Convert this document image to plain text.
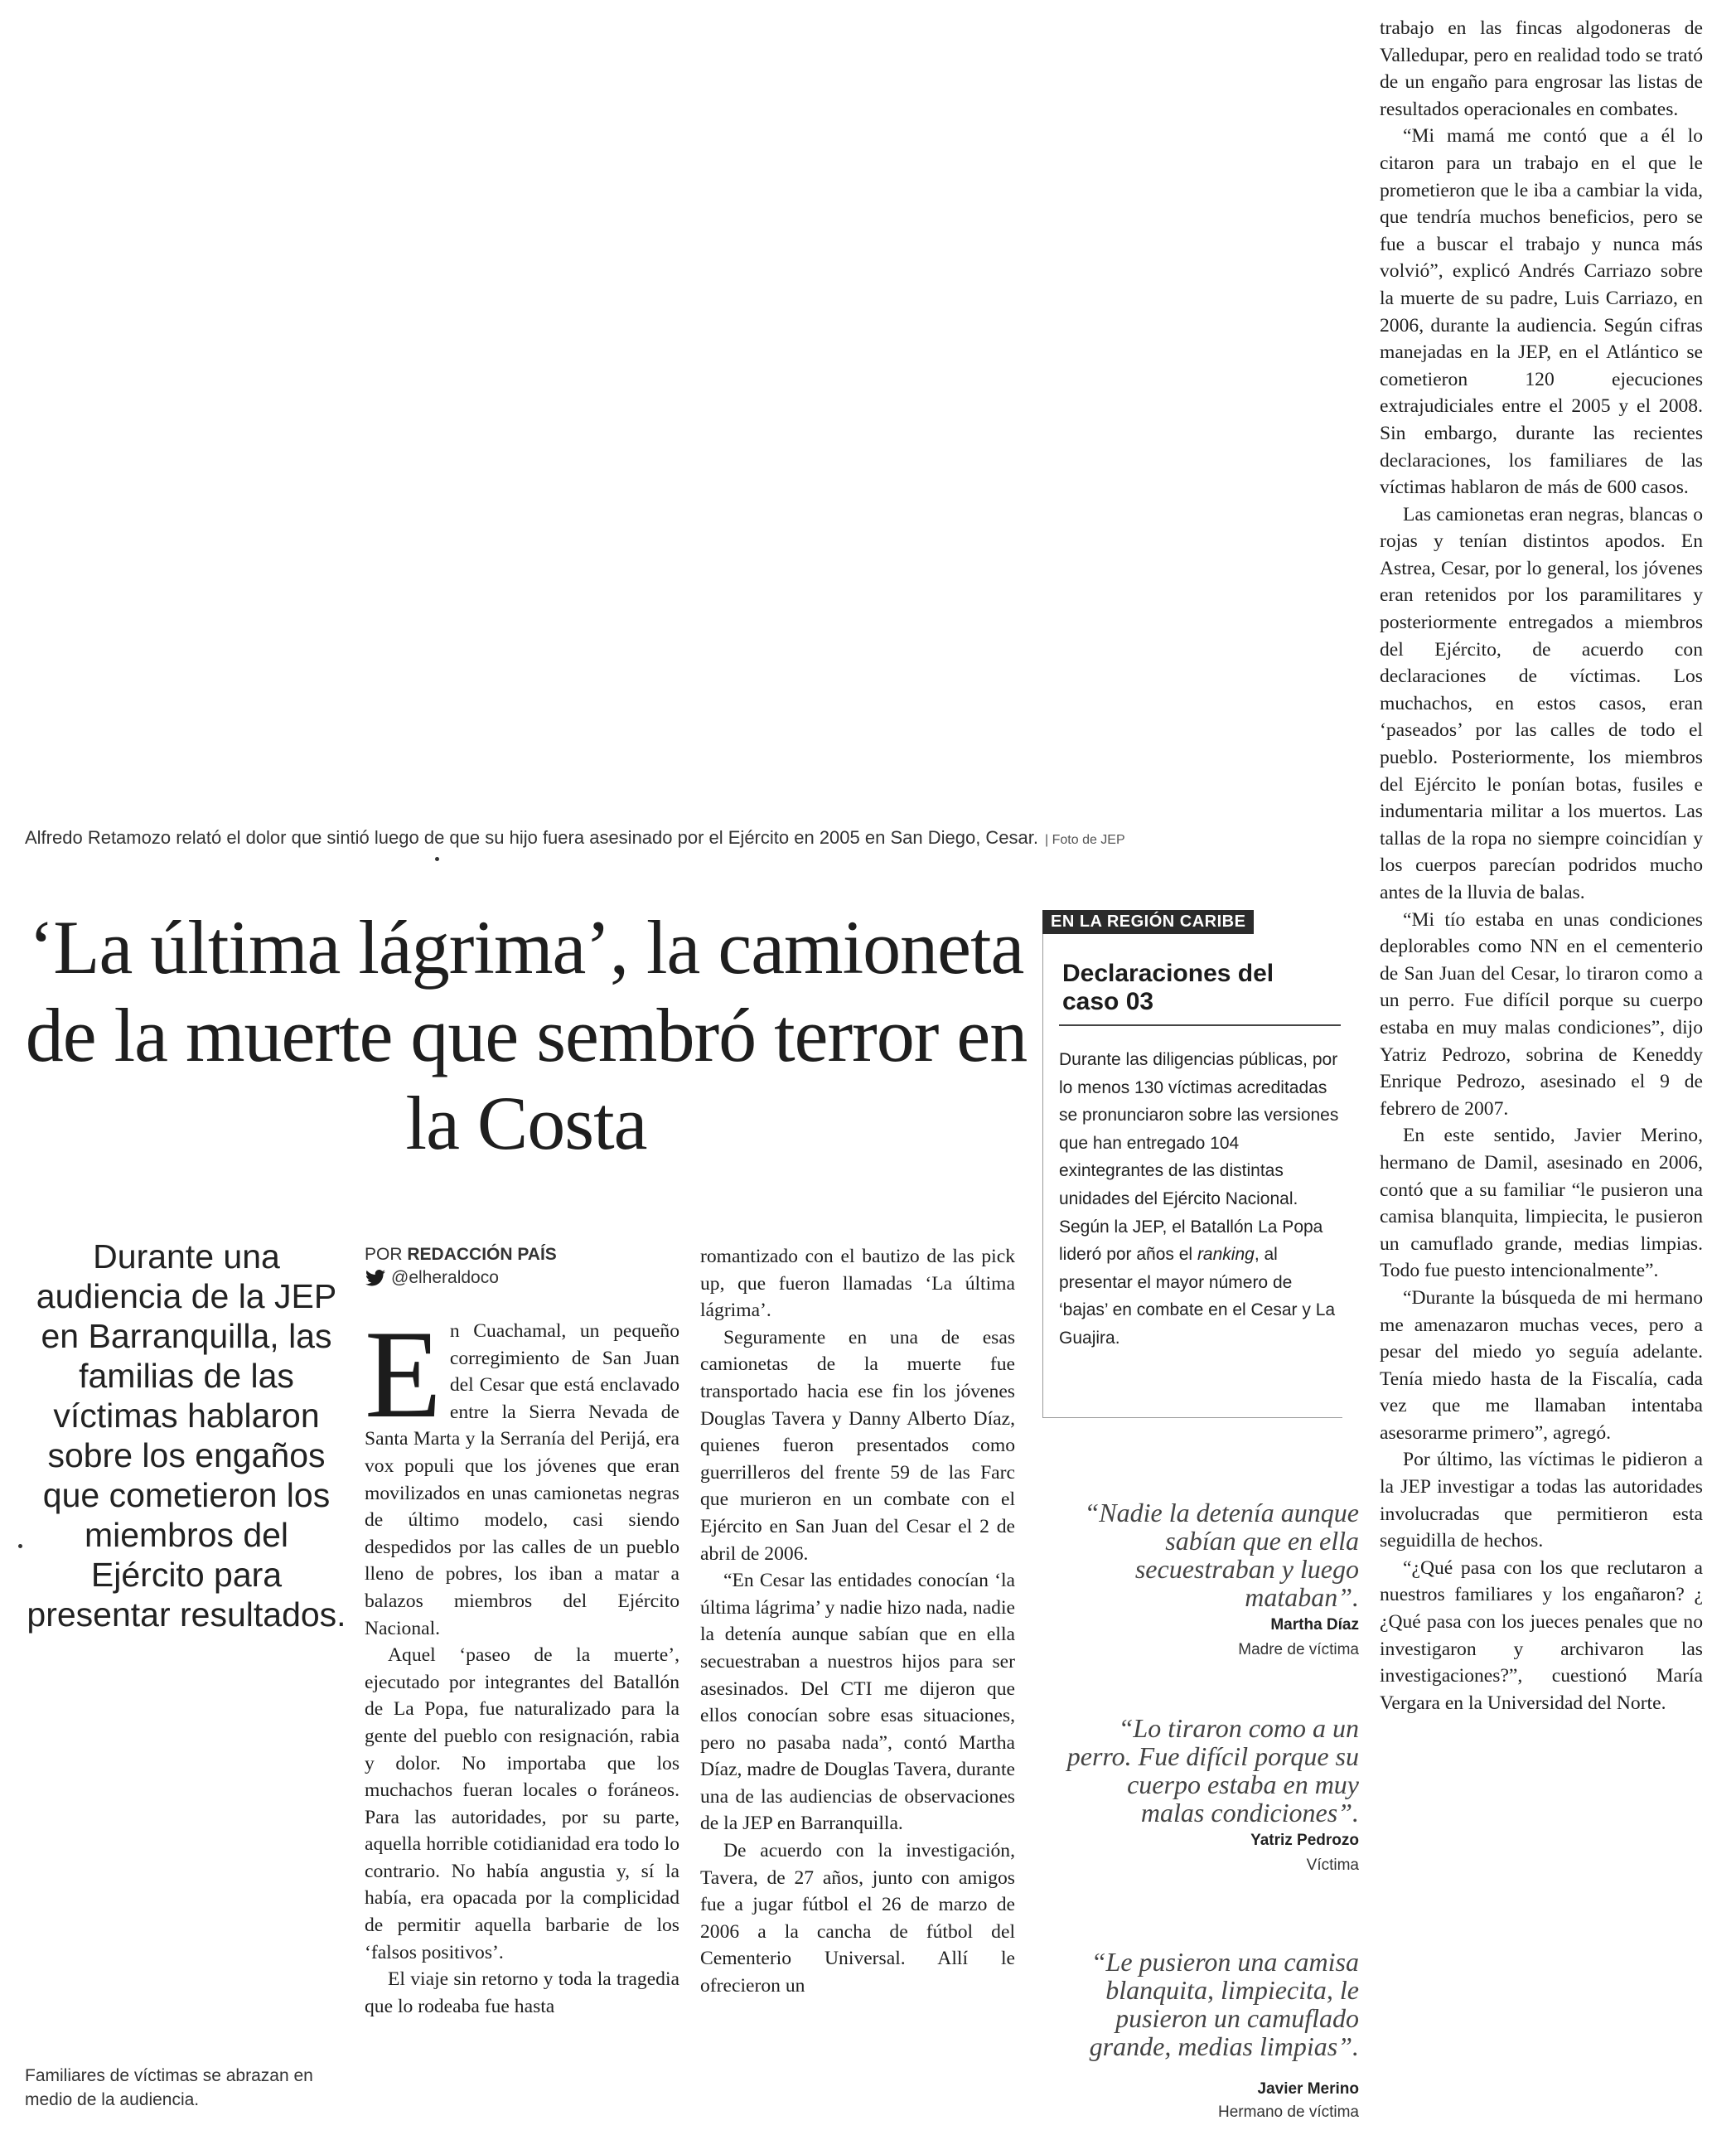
Alfredo Retamozo relató el dolor que sintió luego de que su hijo fuera asesinado por el Ejército en 2005 en San Diego, Cesar. | Foto de JEP
‘La última lágrima’, la camioneta de la muerte que sembró terror en la Costa
Durante una audiencia de la JEP en Barranquilla, las familias de las víctimas hablaron sobre los engaños que cometieron los miembros del Ejército para presentar resultados.
POR REDACCIÓN PAÍS
@elheraldoco

En Cuachamal, un pequeño corregimiento de San Juan del Cesar que está enclavado entre la Sierra Nevada de Santa Marta y la Serranía del Perijá, era vox populi que los jóvenes que eran movilizados en unas camionetas negras de último modelo, casi siendo despedidos por las calles de un pueblo lleno de pobres, los iban a matar a balazos miembros del Ejército Nacional.

Aquel ‘paseo de la muerte’, ejecutado por integrantes del Batallón de La Popa, fue naturalizado para la gente del pueblo con resignación, rabia y dolor. No importaba que los muchachos fueran locales o foráneos. Para las autoridades, por su parte, aquella horrible cotidianidad era todo lo contrario. No había angustia y, sí la había, era opacada por la complicidad de permitir aquella barbarie de los ‘falsos positivos’.

El viaje sin retorno y toda la tragedia que lo rodeaba fue hasta

romantizado con el bautizo de las pick up, que fueron llamadas ‘La última lágrima’.

Seguramente en una de esas camionetas de la muerte fue transportado hacia ese fin los jóvenes Douglas Tavera y Danny Alberto Díaz, quienes fueron presentados como guerrilleros del frente 59 de las Farc que murieron en un combate con el Ejército en San Juan del Cesar el 2 de abril de 2006.

“En Cesar las entidades conocían ‘la última lágrima’ y nadie hizo nada, nadie la detenía aunque sabían que en ella secuestraban a nuestros hijos para ser asesinados. Del CTI me dijeron que ellos conocían sobre esas situaciones, pero no pasaba nada”, contó Martha Díaz, madre de Douglas Tavera, durante una de las audiencias de observaciones de la JEP en Barranquilla.

De acuerdo con la investigación, Tavera, de 27 años, junto con amigos fue a jugar fútbol el 26 de marzo de 2006 a la cancha de fútbol del Cementerio Universal. Allí le ofrecieron un

EN LA REGIÓN CARIBE
Declaraciones del caso 03
Durante las diligencias públicas, por lo menos 130 víctimas acreditadas se pronunciaron sobre las versiones que han entregado 104 exintegrantes de las distintas unidades del Ejército Nacional. Según la JEP, el Batallón La Popa lideró por años el ranking, al presentar el mayor número de ‘bajas’ en combate en el Cesar y La Guajira.
“Nadie la detenía aunque sabían que en ella secuestraban y luego mataban”.
Martha Díaz
Madre de víctima
“Lo tiraron como a un perro. Fue difícil porque su cuerpo estaba en muy malas condiciones”.
Yatriz Pedrozo
Víctima
“Le pusieron una camisa blanquita, limpiecita, le pusieron un camuflado grande, medias limpias”.
Javier Merino
Hermano de víctima

trabajo en las fincas algodoneras de Valledupar, pero en realidad todo se trató de un engaño para engrosar las listas de resultados operacionales en combates.

“Mi mamá me contó que a él lo citaron para un trabajo en el que le prometieron que le iba a cambiar la vida, que tendría muchos beneficios, pero se fue a buscar el trabajo y nunca más volvió”, explicó Andrés Carriazo sobre la muerte de su padre, Luis Carriazo, en 2006, durante la audiencia. Según cifras manejadas en la JEP, en el Atlántico se cometieron 120 ejecuciones extrajudiciales entre el 2005 y el 2008. Sin embargo, durante las recientes declaraciones, los familiares de las víctimas hablaron de más de 600 casos.

Las camionetas eran negras, blancas o rojas y tenían distintos apodos. En Astrea, Cesar, por lo general, los jóvenes eran retenidos por los paramilitares y posteriormente entregados a miembros del Ejército, de acuerdo con declaraciones de víctimas. Los muchachos, en estos casos, eran ‘paseados’ por las calles de todo el pueblo. Posteriormente, los miembros del Ejército le ponían botas, fusiles e indumentaria militar a los muertos. Las tallas de la ropa no siempre coincidían y los cuerpos parecían podridos mucho antes de la lluvia de balas.

“Mi tío estaba en unas condiciones deplorables como NN en el cementerio de San Juan del Cesar, lo tiraron como a un perro. Fue difícil porque su cuerpo estaba en muy malas condiciones”, dijo Yatriz Pedrozo, sobrina de Keneddy Enrique Pedrozo, asesinado el 9 de febrero de 2007.

En este sentido, Javier Merino, hermano de Damil, asesinado en 2006, contó que a su familiar “le pusieron una camisa blanquita, limpiecita, le pusieron un camuflado grande, medias limpias. Todo fue puesto intencionalmente”.

“Durante la búsqueda de mi hermano me amenazaron muchas veces, pero a pesar del miedo yo seguía adelante. Tenía miedo hasta de la Fiscalía, cada vez que me llamaban intentaba asesorarme primero”, agregó.

Por último, las víctimas le pidieron a la JEP investigar a todas las autoridades involucradas que permitieron esta seguidilla de hechos.

“¿Qué pasa con los que reclutaron a nuestros familiares y los engañaron? ¿ ¿Qué pasa con los jueces penales que no investigaron y archivaron las investigaciones?”, cuestionó María Vergara en la Universidad del Norte.

Familiares de víctimas se abrazan en medio de la audiencia.
